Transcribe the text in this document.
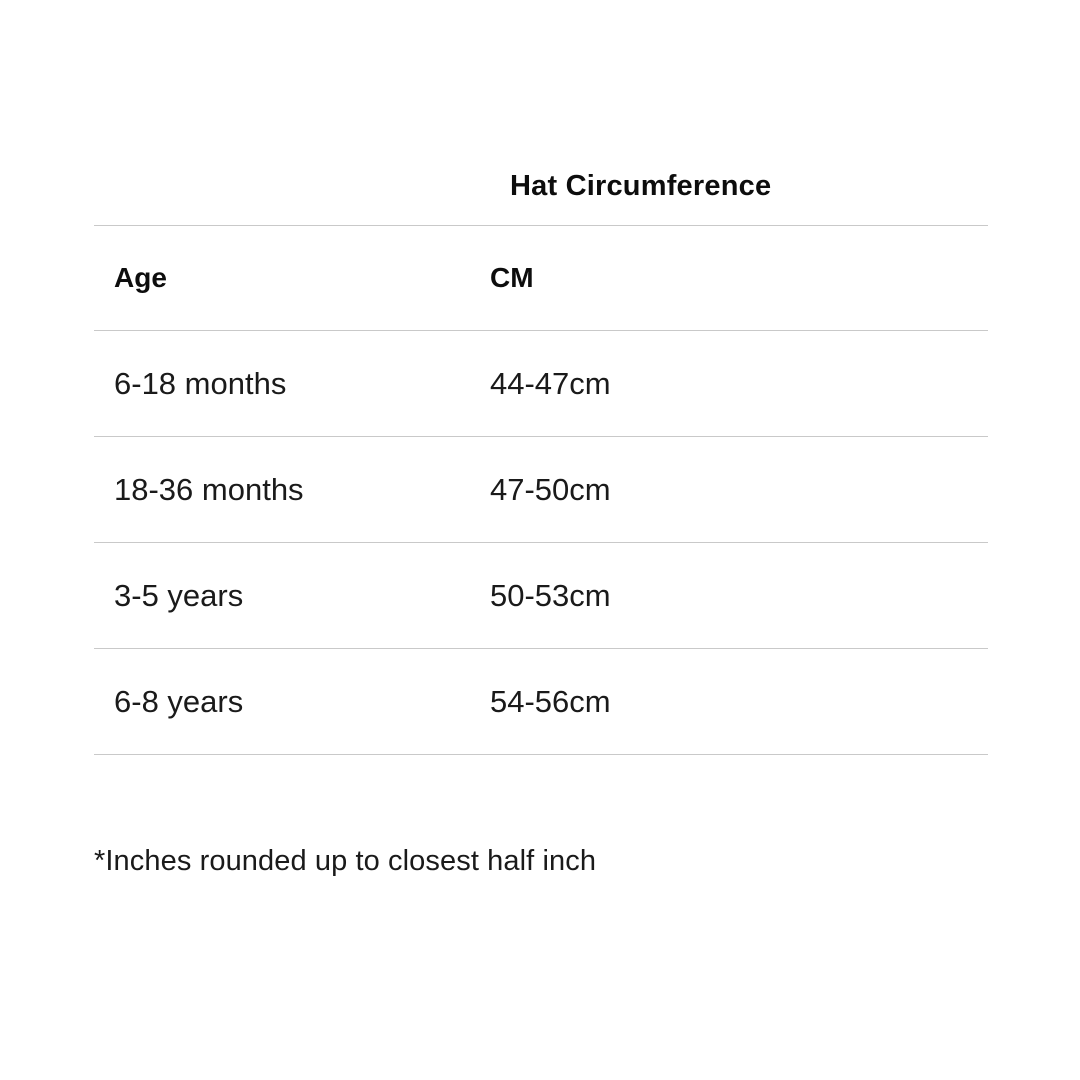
Hat Circumference
Age	CM
6-18 months	44-47cm
18-36 months	47-50cm
3-5 years	50-53cm
6-8 years	54-56cm
*Inches rounded up to closest half inch
